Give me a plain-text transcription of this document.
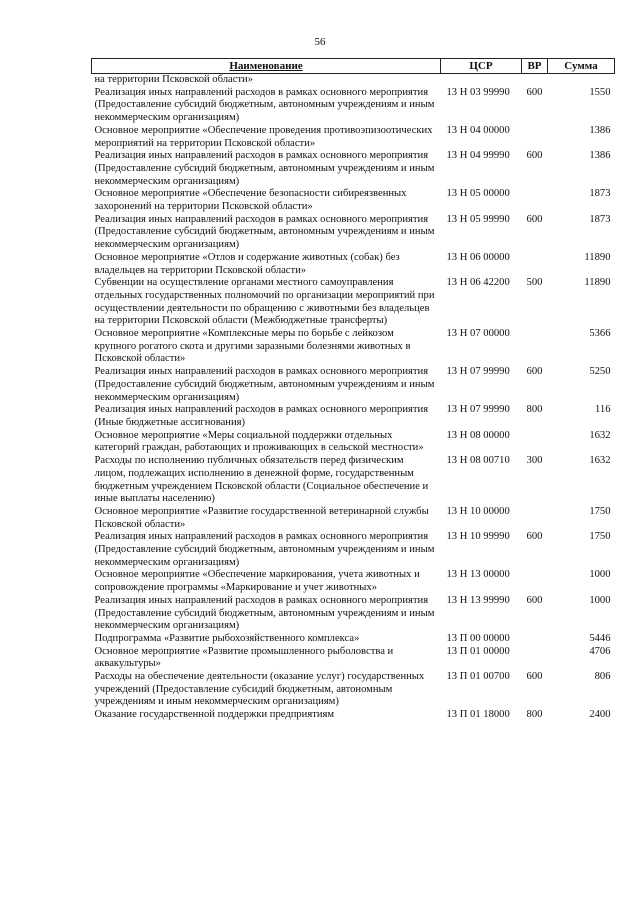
56
Наименование	ЦСР	ВР	Сумма
на территории Псковской области»			
Реализация иных направлений расходов в рамках основного мероприятия (Предоставление субсидий бюджетным, автономным учреждениям и иным некоммерческим организациям)	13 Н 03 99990	600	1550
Основное мероприятие «Обеспечение проведения противоэпизоотических мероприятий на территории Псковской области»	13 Н 04 00000		1386
Реализация иных направлений расходов в рамках основного мероприятия (Предоставление субсидий бюджетным, автономным учреждениям и иным некоммерческим организациям)	13 Н 04 99990	600	1386
Основное мероприятие «Обеспечение безопасности сибиреязвенных захоронений на территории Псковской области»	13 Н 05 00000		1873
Реализация иных направлений расходов в рамках основного мероприятия (Предоставление субсидий бюджетным, автономным учреждениям и иным некоммерческим организациям)	13 Н 05 99990	600	1873
Основное мероприятие «Отлов и содержание животных (собак) без владельцев на территории Псковской области»	13 Н 06 00000		11890
Субвенции на осуществление органами местного самоуправления отдельных государственных полномочий по организации мероприятий при осуществлении деятельности по обращению с животными без владельцев на территории Псковской области (Межбюджетные трансферты)	13 Н 06 42200	500	11890
Основное мероприятие «Комплексные меры по борьбе с лейкозом крупного рогатого скота и другими заразными болезнями животных в Псковской области»	13 Н 07 00000		5366
Реализация иных направлений расходов в рамках основного мероприятия (Предоставление субсидий бюджетным, автономным учреждениям и иным некоммерческим организациям)	13 Н 07 99990	600	5250
Реализация иных направлений расходов в рамках основного мероприятия (Иные бюджетные ассигнования)	13 Н 07 99990	800	116
Основное мероприятие «Меры социальной поддержки отдельных категорий граждан, работающих и проживающих в сельской местности»	13 Н 08 00000		1632
Расходы по исполнению публичных обязательств перед физическим лицом, подлежащих исполнению в денежной форме, государственным бюджетным учреждением Псковской области (Социальное обеспечение и иные выплаты населению)	13 Н 08 00710	300	1632
Основное мероприятие «Развитие государственной ветеринарной службы Псковской области»	13 Н 10 00000		1750
Реализация иных направлений расходов в рамках основного мероприятия (Предоставление субсидий бюджетным, автономным учреждениям и иным некоммерческим организациям)	13 Н 10 99990	600	1750
Основное мероприятие «Обеспечение маркирования, учета животных и сопровождение программы «Маркирование и учет животных»	13 Н 13 00000		1000
Реализация иных направлений расходов в рамках основного мероприятия (Предоставление субсидий бюджетным, автономным учреждениям и иным некоммерческим организациям)	13 Н 13 99990	600	1000
Подпрограмма «Развитие рыбохозяйственного комплекса»	13 П 00 00000		5446
Основное мероприятие «Развитие промышленного рыболовства и аквакультуры»	13 П 01 00000		4706
Расходы на обеспечение деятельности (оказание услуг) государственных учреждений (Предоставление субсидий бюджетным, автономным учреждениям и иным некоммерческим организациям)	13 П 01 00700	600	806
Оказание государственной поддержки предприятиям	13 П 01 18000	800	2400
